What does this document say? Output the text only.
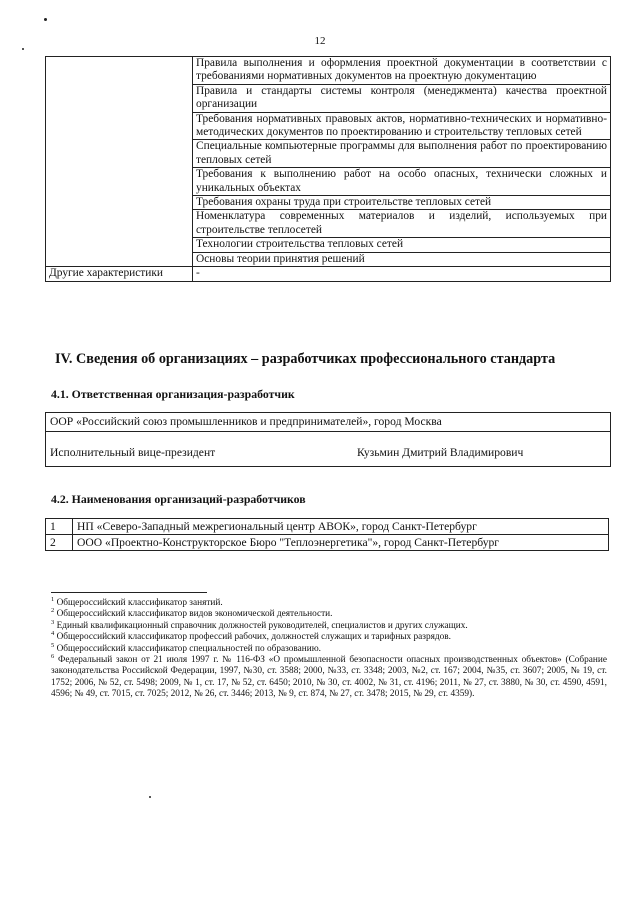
12
	Правила выполнения и оформления проектной документации в соответствии с требованиями нормативных документов на проектную документацию
	Правила и стандарты системы контроля (менеджмента) качества проектной организации
	Требования нормативных правовых актов, нормативно-технических и нормативно-методических документов по проектированию и строительству тепловых сетей
	Специальные компьютерные программы для выполнения работ по проектированию тепловых сетей
	Требования к выполнению работ на особо опасных, технически сложных и уникальных объектах
	Требования охраны труда при строительстве тепловых сетей
	Номенклатура современных материалов и изделий, используемых при строительстве теплосетей
	Технологии строительства тепловых сетей
	Основы теории принятия решений
Другие характеристики	-
IV. Сведения об организациях – разработчиках профессионального стандарта
4.1. Ответственная организация-разработчик
ООР «Российский союз промышленников и предпринимателей», город Москва
Исполнительный вице-президент	Кузьмин Дмитрий Владимирович
4.2. Наименования организаций-разработчиков
1	НП «Северо-Западный межрегиональный центр АВОК», город Санкт-Петербург
2	ООО «Проектно-Конструкторское Бюро "Теплоэнергетика"», город Санкт-Петербург
$^1$ Общероссийский классификатор занятий.
$^2$ Общероссийский классификатор видов экономической деятельности.
$^3$ Единый квалификационный справочник должностей руководителей, специалистов и других служащих.
$^4$ Общероссийский классификатор профессий рабочих, должностей служащих и тарифных разрядов.
$^5$ Общероссийский классификатор специальностей по образованию.
$^6$ Федеральный закон от 21 июля 1997 г. № 116-ФЗ «О промышленной безопасности опасных производственных объектов» (Собрание законодательства Российской Федерации, 1997, №30, ст. 3588; 2000, №33, ст. 3348; 2003, №2, ст. 167; 2004, №35, ст. 3607; 2005, № 19, ст. 1752; 2006, № 52, ст. 5498; 2009, № 1, ст. 17, № 52, ст. 6450; 2010, № 30, ст. 4002, № 31, ст. 4196; 2011, № 27, ст. 3880, № 30, ст. 4590, 4591, 4596; № 49, ст. 7015, ст. 7025; 2012, № 26, ст. 3446; 2013, № 9, ст. 874, № 27, ст. 3478; 2015, № 29, ст. 4359).
